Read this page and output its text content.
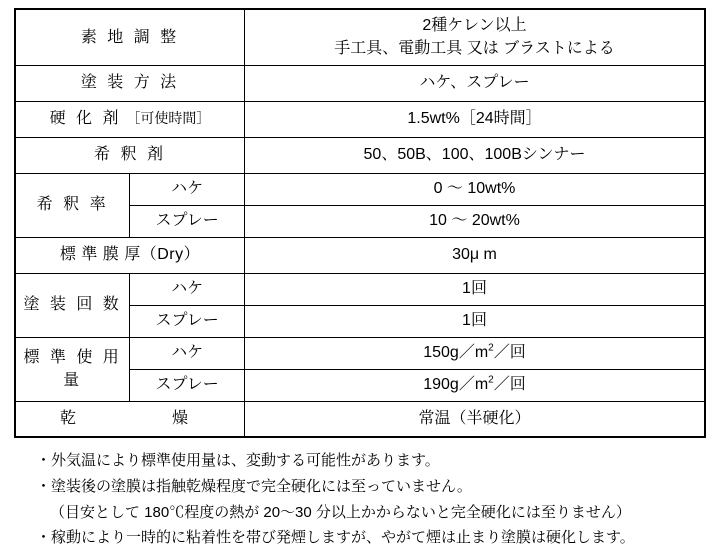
素 地 調 整		2種ケレン以上
手工具、電動工具 又は ブラストによる

塗 装 方 法		ハケ、スプレー
硬 化 剤 ［可使時間］		1.5wt%［24時間］
希 釈 剤		50、50B、100、100Bシンナー
希 釈 率	ハケ	0 ～ 10wt%
	スプレー	10 ～ 20wt%
標 準 膜 厚（Dry）		30μ m
塗 装 回 数	ハケ	1回
	スプレー	1回
標 準 使 用 量	ハケ	$150g/m^2/$回
	スプレー	$190g/m^2/$回
乾　　　燥		常温（半硬化）
・外気温により標準使用量は、変動する可能性があります。
・塗装後の塗膜は指触乾燥程度で完全硬化には至っていません。
（目安として 180℃程度の熱が 20～30 分以上かからないと完全硬化には至りません）
・稼動により一時的に粘着性を帯び発煙しますが、やがて煙は止まり塗膜は硬化します。
